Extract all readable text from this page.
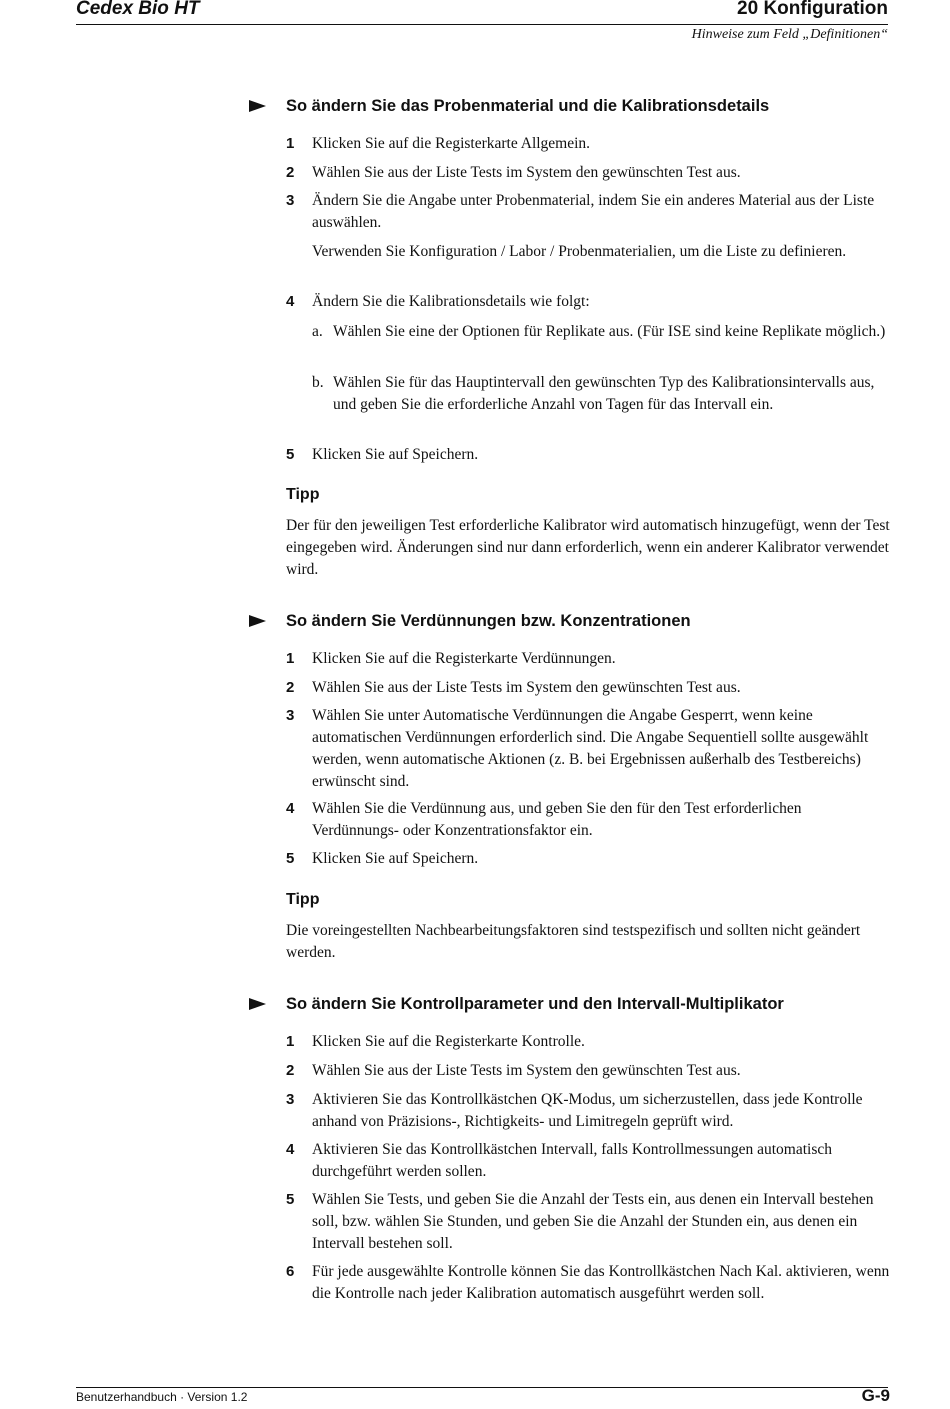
Cedex Bio HT	20 Konfiguration
Hinweise zum Feld „Definitionen“
So ändern Sie das Probenmaterial und die Kalibrationsdetails
1 Klicken Sie auf die Registerkarte Allgemein.
2 Wählen Sie aus der Liste Tests im System den gewünschten Test aus.
3 Ändern Sie die Angabe unter Probenmaterial, indem Sie ein anderes Material aus der Liste auswählen.
Verwenden Sie Konfiguration / Labor / Probenmaterialien, um die Liste zu definieren.
4 Ändern Sie die Kalibrationsdetails wie folgt:
a. Wählen Sie eine der Optionen für Replikate aus. (Für ISE sind keine Replikate möglich.)
b. Wählen Sie für das Hauptintervall den gewünschten Typ des Kalibrationsintervalls aus, und geben Sie die erforderliche Anzahl von Tagen für das Intervall ein.
5 Klicken Sie auf Speichern.
Tipp
Der für den jeweiligen Test erforderliche Kalibrator wird automatisch hinzugefügt, wenn der Test eingegeben wird. Änderungen sind nur dann erforderlich, wenn ein anderer Kalibrator verwendet wird.
So ändern Sie Verdünnungen bzw. Konzentrationen
1 Klicken Sie auf die Registerkarte Verdünnungen.
2 Wählen Sie aus der Liste Tests im System den gewünschten Test aus.
3 Wählen Sie unter Automatische Verdünnungen die Angabe Gesperrt, wenn keine automatischen Verdünnungen erforderlich sind. Die Angabe Sequentiell sollte ausgewählt werden, wenn automatische Aktionen (z. B. bei Ergebnissen außerhalb des Testbereichs) erwünscht sind.
4 Wählen Sie die Verdünnung aus, und geben Sie den für den Test erforderlichen Verdünnungs- oder Konzentrationsfaktor ein.
5 Klicken Sie auf Speichern.
Tipp
Die voreingestellten Nachbearbeitungsfaktoren sind testspezifisch und sollten nicht geändert werden.
So ändern Sie Kontrollparameter und den Intervall-Multiplikator
1 Klicken Sie auf die Registerkarte Kontrolle.
2 Wählen Sie aus der Liste Tests im System den gewünschten Test aus.
3 Aktivieren Sie das Kontrollkästchen QK-Modus, um sicherzustellen, dass jede Kontrolle anhand von Präzisions-, Richtigkeits- und Limitregeln geprüft wird.
4 Aktivieren Sie das Kontrollkästchen Intervall, falls Kontrollmessungen automatisch durchgeführt werden sollen.
5 Wählen Sie Tests, und geben Sie die Anzahl der Tests ein, aus denen ein Intervall bestehen soll, bzw. wählen Sie Stunden, und geben Sie die Anzahl der Stunden ein, aus denen ein Intervall bestehen soll.
6 Für jede ausgewählte Kontrolle können Sie das Kontrollkästchen Nach Kal. aktivieren, wenn die Kontrolle nach jeder Kalibration automatisch ausgeführt werden soll.
Benutzerhandbuch · Version 1.2	G-9
